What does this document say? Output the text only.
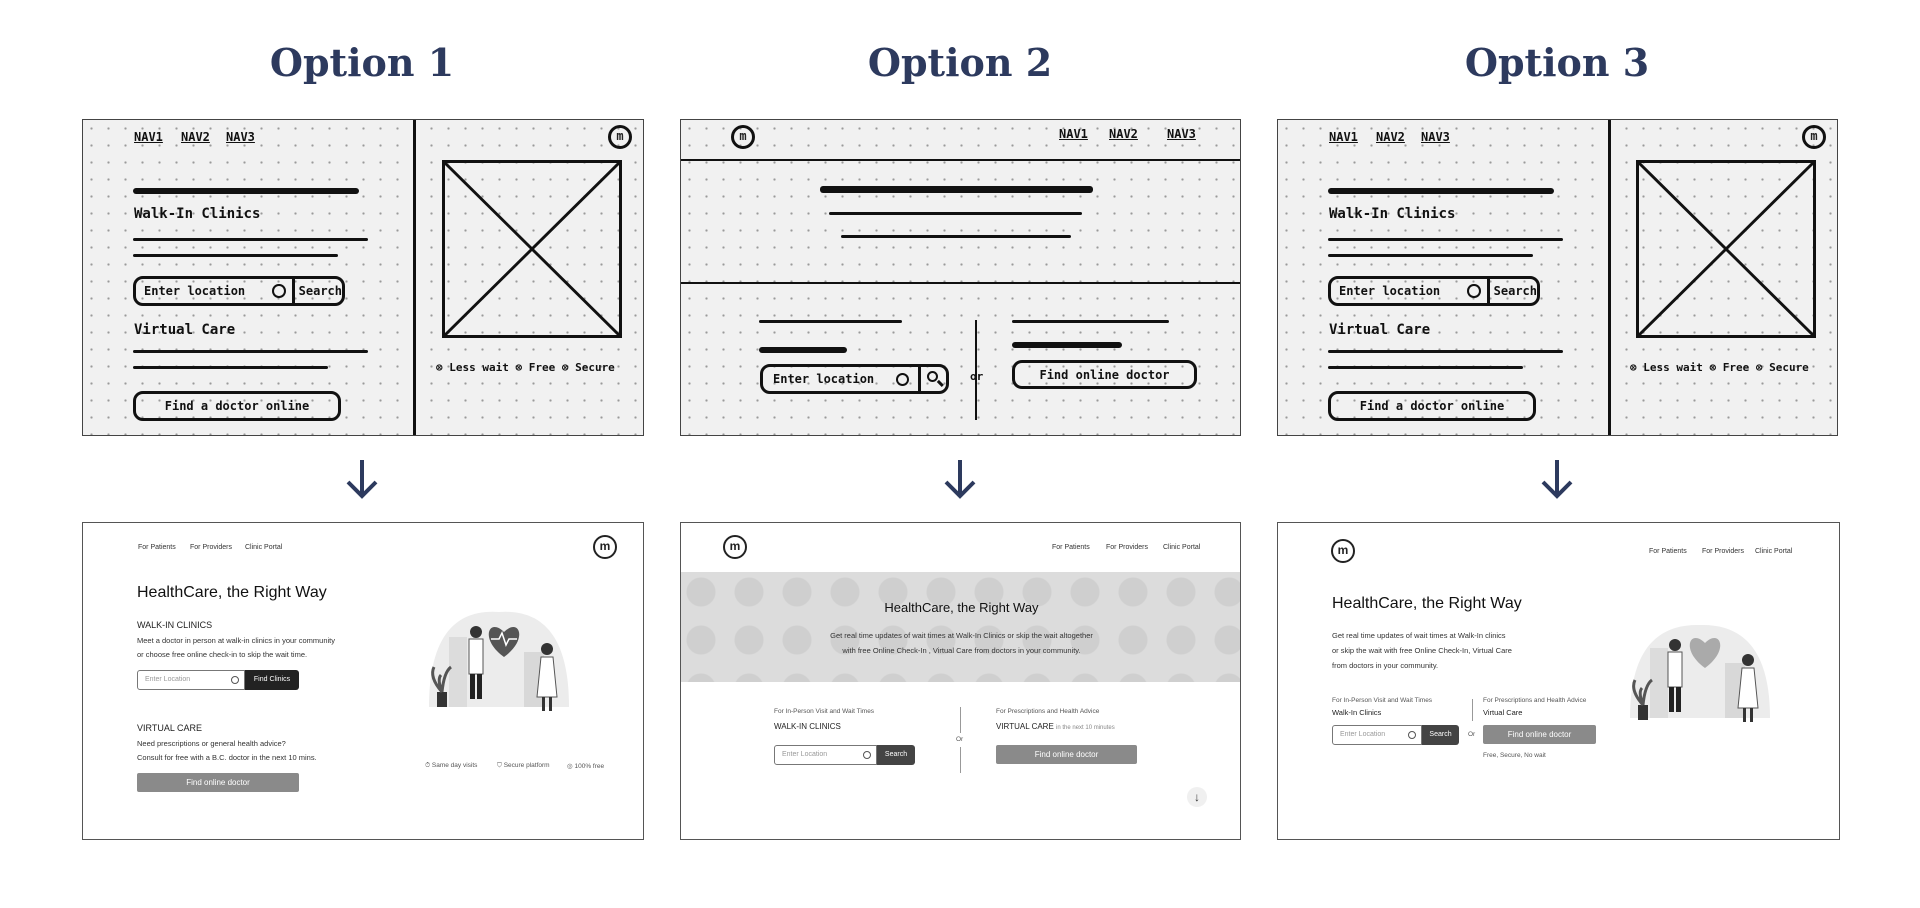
Option 1	Option 2	Option 3
NAV1 NAV2 NAV3
Walk-In Clinics
Enter location	Search
Virtual Care
Find a doctor online
m
⊗ Less wait ⊗ Free ⊗ Secure
m	NAV1 NAV2 NAV3
Enter location	or	Find online doctor
NAV1 NAV2 NAV3
Walk-In Clinics
Enter location	Search
Virtual Care
Find a doctor online
m
⊗ Less wait ⊗ Free ⊗ Secure
For Patients For Providers Clinic Portal	m
HealthCare, the Right Way
WALK-IN CLINICS
Meet a doctor in person at walk-in clinics in your community
or choose free online check-in to skip the wait time.
Enter Location	Find Clinics
VIRTUAL CARE
Need prescriptions or general health advice?
Consult for free with a B.C. doctor in the next 10 mins.
Find online doctor
⏱ Same day visits	⛉ Secure platform	◎ 100% free
m	For Patients For Providers Clinic Portal
HealthCare, the Right Way
Get real time updates of wait times at Walk-In Clinics or skip the wait altogether
with free Online Check-In , Virtual Care from doctors in your community.
For In-Person Visit and Wait Times
WALK-IN CLINICS
Enter Location	Search
Or
For Prescriptions and Health Advice
VIRTUAL CARE in the next 10 minutes
Find online doctor
↓
m	For Patients For Providers Clinic Portal
HealthCare, the Right Way
Get real time updates of wait times at Walk-In clinics
or skip the wait with free Online Check-In, Virtual Care
from doctors in your community.
For In-Person Visit and Wait Times
Walk-In Clinics
Enter Location	Search	Or
For Prescriptions and Health Advice
Virtual Care
Find online doctor
Free, Secure, No wait
